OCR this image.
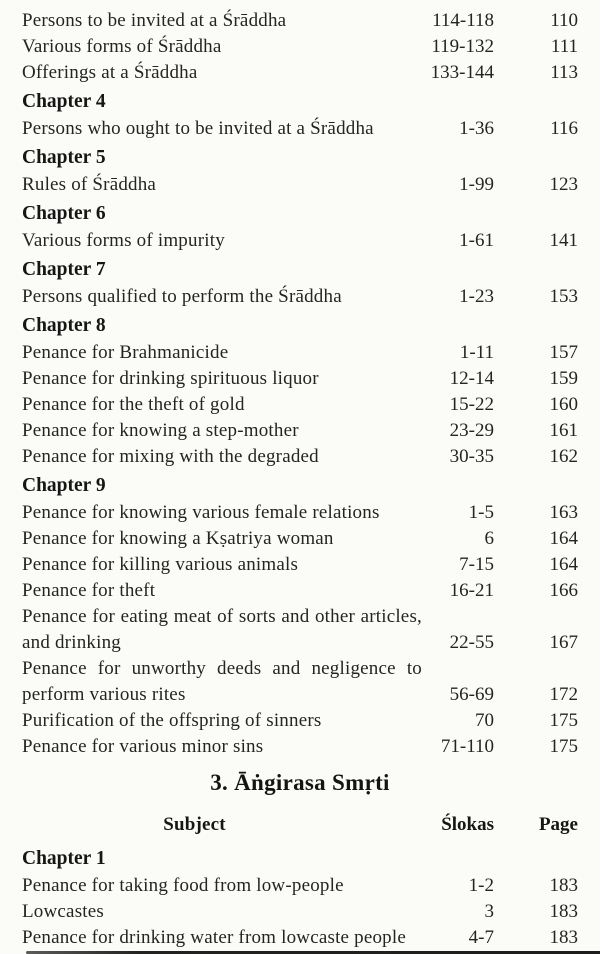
Persons to be invited at a Śrāddha	114-118	110
Various forms of Śrāddha	119-132	111
Offerings at a Śrāddha	133-144	113
Chapter 4
Persons who ought to be invited at a Śrāddha	1-36	116
Chapter 5
Rules of Śrāddha	1-99	123
Chapter 6
Various forms of impurity	1-61	141
Chapter 7
Persons qualified to perform the Śrāddha	1-23	153
Chapter 8
Penance for Brahmanicide	1-11	157
Penance for drinking spirituous liquor	12-14	159
Penance for the theft of gold	15-22	160
Penance for knowing a step-mother	23-29	161
Penance for mixing with the degraded	30-35	162
Chapter 9
Penance for knowing various female relations	1-5	163
Penance for knowing a Kṣatriya woman	6	164
Penance for killing various animals	7-15	164
Penance for theft	16-21	166
Penance for eating meat of sorts and other articles, and drinking	22-55	167
Penance for unworthy deeds and negligence to perform various rites	56-69	172
Purification of the offspring of sinners	70	175
Penance for various minor sins	71-110	175
3. Āṅgirasa Smṛti
Subject	Ślokas	Page
Chapter 1
Penance for taking food from low-people	1-2	183
Lowcastes	3	183
Penance for drinking water from lowcaste people	4-7	183
